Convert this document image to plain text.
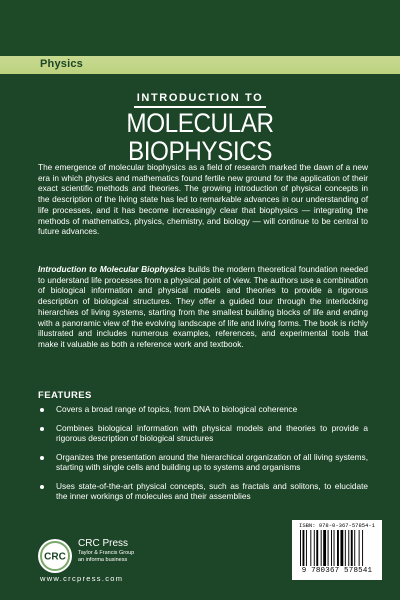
Physics
INTRODUCTION TO
MOLECULAR
BIOPHYSICS

The emergence of molecular biophysics as a field of research marked the dawn of a new era in which physics and mathematics found fertile new ground for the application of their exact scientific methods and theories. The growing introduction of physical concepts in the description of the living state has led to remarkable advances in our understanding of life processes, and it has become increasingly clear that biophysics — integrating the methods of mathematics, physics, chemistry, and biology — will continue to be central to future advances.

Introduction to Molecular Biophysics builds the modern theoretical foundation needed to understand life processes from a physical point of view. The authors use a combination of biological information and physical models and theories to provide a rigorous description of biological structures. They offer a guided tour through the interlocking hierarchies of living systems, starting from the smallest building blocks of life and ending with a panoramic view of the evolving landscape of life and living forms. The book is richly illustrated and includes numerous examples, references, and experimental tools that make it valuable as both a reference work and textbook.

FEATURES
Covers a broad range of topics, from DNA to biological coherence
Combines biological information with physical models and theories to provide a rigorous description of biological structures
Organizes the presentation around the hierarchical organization of all living systems, starting with single cells and building up to systems and organisms
Uses state-of-the-art physical concepts, such as fractals and solitons, to elucidate the inner workings of molecules and their assemblies
CRC
CRC Press
Taylor & Francis Group
an informa business
www.crcpress.com
ISBN: 978-0-367-57854-1
9 780367 578541
